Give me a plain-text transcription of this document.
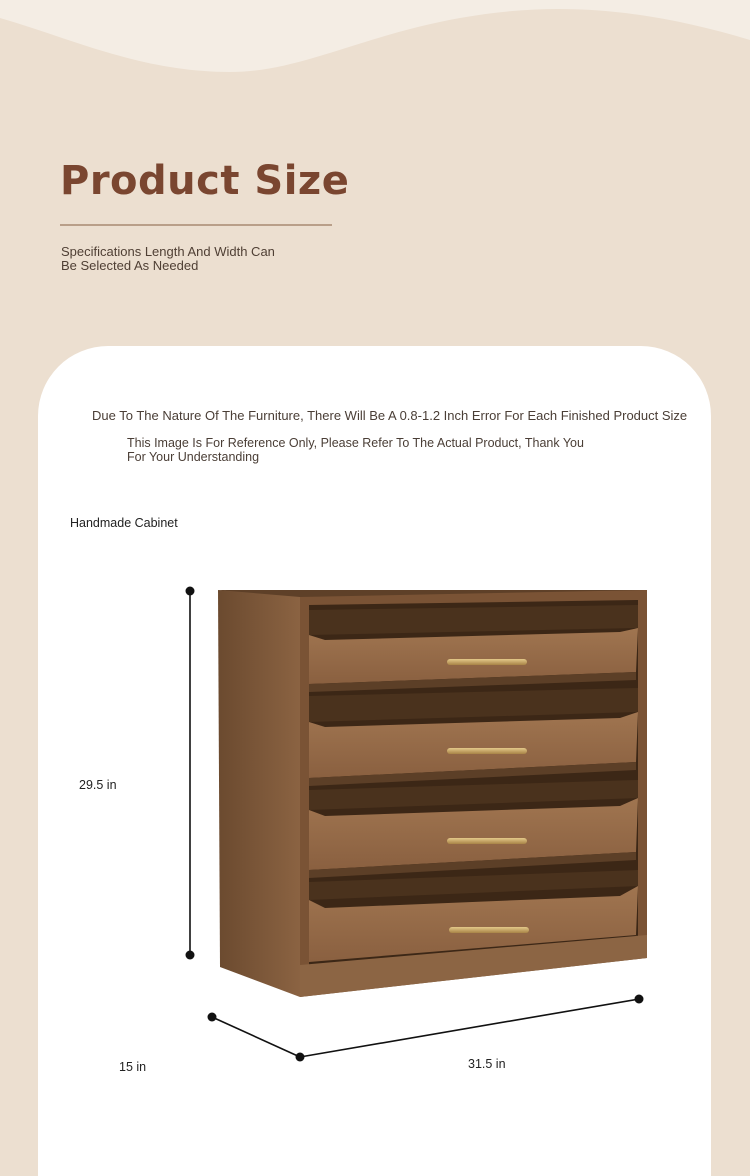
Product Size
Specifications Length And Width Can Be Selected As Needed
Due To The Nature Of The Furniture, There Will Be A 0.8-1.2 Inch Error For Each Finished Product Size
This Image Is For Reference Only, Please Refer To The Actual Product, Thank You For Your Understanding
Handmade Cabinet
29.5 in
15 in	31.5 in
